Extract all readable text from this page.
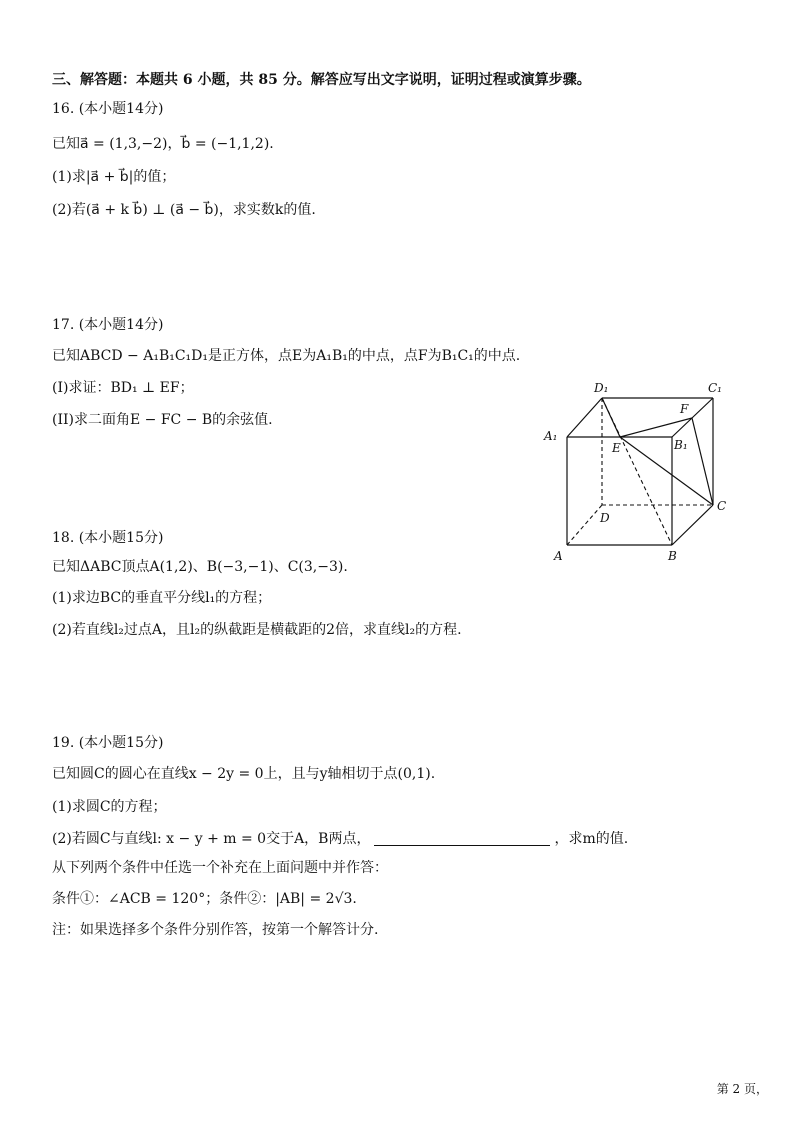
三、解答题：本题共 6 小题，共 85 分。解答应写出文字说明，证明过程或演算步骤。
16. (本小题14分)
已知a⃗ = (1,3,−2)，b⃗ = (−1,1,2).
(1)求|a⃗ + b⃗|的值；
(2)若(a⃗ + k b⃗) ⊥ (a⃗ − b⃗)，求实数k的值.
17. (本小题14分)
已知ABCD − A₁B₁C₁D₁是正方体，点E为A₁B₁的中点，点F为B₁C₁的中点.
(I)求证：BD₁ ⊥ EF；
(II)求二面角E − FC − B的余弦值.
D₁	C₁
F
B₁
A₁
E
D
C
A	B
18. (本小题15分)
已知ΔABC顶点A(1,2)、B(−3,−1)、C(3,−3).
(1)求边BC的垂直平分线l₁的方程；
(2)若直线l₂过点A，且l₂的纵截距是横截距的2倍，求直线l₂的方程.
19. (本小题15分)
已知圆C的圆心在直线x − 2y = 0上，且与y轴相切于点(0,1).
(1)求圆C的方程；
(2)若圆C与直线l: x − y + m = 0交于A，B两点，	，求m的值.
从下列两个条件中任选一个补充在上面问题中并作答：
条件①：∠ACB = 120°；条件②：|AB| = 2√3.
注：如果选择多个条件分别作答，按第一个解答计分.
第 2 页，
